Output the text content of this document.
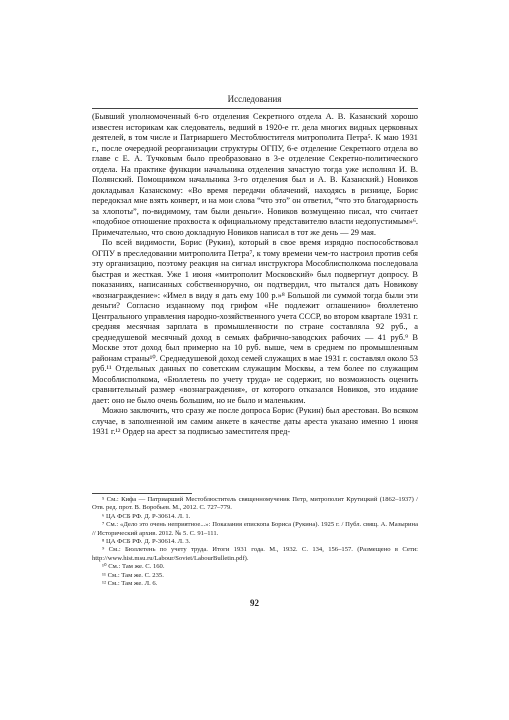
Исследования

(Бывший уполномоченный 6-го отделения Секретного отдела А. В. Казанский хорошо известен историкам как следователь, ведший в 1920-е гг. дела многих видных церковных деятелей, в том числе и Патриаршего Местоблюстителя митрополита Петра⁵. К маю 1931 г., после очередной реорганизации структуры ОГПУ, 6-е отделение Секретного отдела во главе с Е. А. Тучковым было преобразовано в 3-е отделение Секретно-политического отдела. На практике функции начальника отделения зачастую тогда уже исполнял И. В. Полянский. Помощником начальника 3-го отделения был и А. В. Казанский.) Новиков докладывал Казанскому: «Во время передачи облачений, находясь в ризнице, Борис передокзал мне взять конверт, и на мои слова “что это” он ответил, “что это благодарность за хлопоты”, по-видимому, там были деньги». Новиков возмущенно писал, что считает «подобное отношение прохвоста к официальному представителю власти недопустимым»⁶. Примечательно, что свою докладную Новиков написал в тот же день — 29 мая.

По всей видимости, Борис (Рукин), который в свое время изрядно поспособствовал ОГПУ в преследовании митрополита Петра⁷, к тому времени чем-то настроил против себя эту организацию, поэтому реакция на сигнал инструктора Мособлисполкома последовала быстрая и жесткая. Уже 1 июня «митрополит Московский» был подвергнут допросу. В показаниях, написанных собственноручно, он подтвердил, что пытался дать Новикову «вознаграждение»: «Имел в виду я дать ему 100 р.»⁸ Большой ли суммой тогда были эти деньги? Согласно изданному под грифом «Не подлежит оглашению» бюллетеню Центрального управления народно-хозяйственного учета СССР, во втором квартале 1931 г. средняя месячная зарплата в промышленности по стране составляла 92 руб., а среднедушевой месячный доход в семьях фабрично-заводских рабочих — 41 руб.⁹ В Москве этот доход был примерно на 10 руб. выше, чем в среднем по промышленным районам страны¹⁰. Среднедушевой доход семей служащих в мае 1931 г. составлял около 53 руб.¹¹ Отдельных данных по советским служащим Москвы, а тем более по служащим Мособлисполкома, «Бюллетень по учету труда» не содержит, но возможность оценить сравнительный размер «вознаграждения», от которого отказался Новиков, это издание дает: оно не было очень большим, но не было и маленьким.

Можно заключить, что сразу же после допроса Борис (Рукин) был арестован. Во всяком случае, в заполненной им самим анкете в качестве даты ареста указано именно 1 июня 1931 г.¹² Ордер на арест за подписью заместителя пред-

⁵ См.: Кифа — Патриарший Местоблюститель священномученик Петр, митрополит Крутицкий (1862–1937) / Отв. ред. прот. В. Воробьев. М., 2012. С. 727–779.

⁶ ЦА ФСБ РФ. Д. Р-30614. Л. 1.

⁷ См.: «Дело это очень неприятное...»: Показания епископа Бориса (Рукина). 1925 г. / Публ. свящ. А. Мазырина // Исторический архив. 2012. № 5. С. 91–111.

⁸ ЦА ФСБ РФ. Д. Р-30614. Л. 3.

⁹ См.: Бюллетень по учету труда. Итоги 1931 года. М., 1932. С. 134, 156–157. (Размещено в Сети: http://www.hist.msu.ru/Labour/Soviet/LabourBulletin.pdf).

¹⁰ См.: Там же. С. 160.

¹¹ См.: Там же. С. 235.

¹² См.: Там же. Л. 6.

92
